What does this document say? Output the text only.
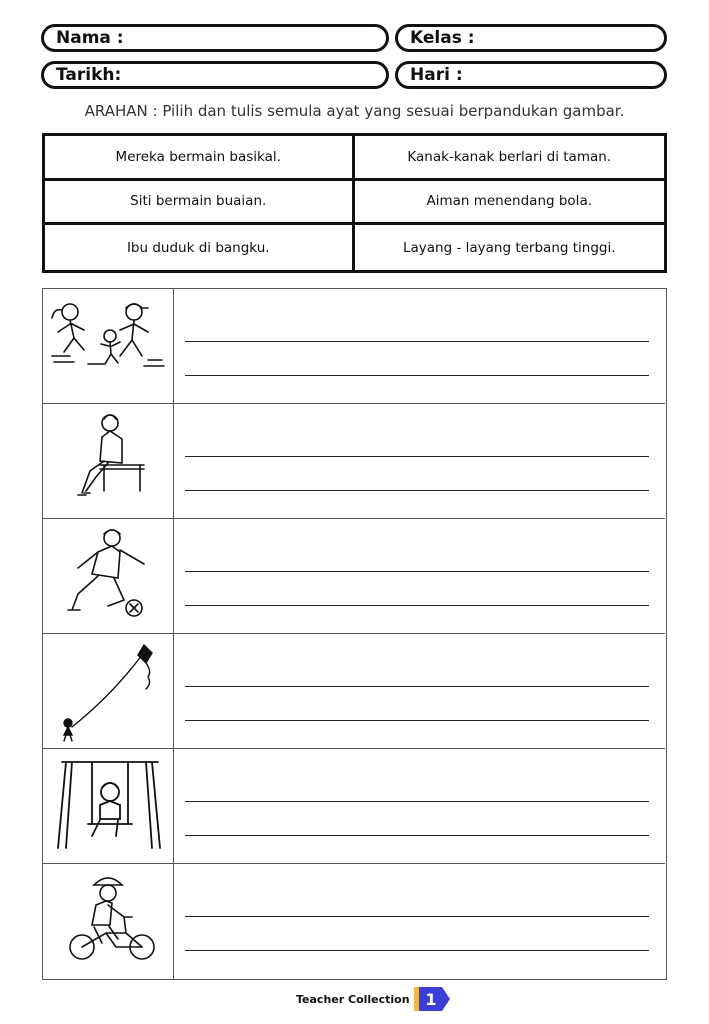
Nama :	Kelas :
Tarikh:	Hari :
ARAHAN : Pilih dan tulis semula ayat yang sesuai berpandukan gambar.
Mereka bermain basikal.	Kanak-kanak berlari di taman.
Siti bermain buaian.	Aiman menendang bola.
Ibu duduk di bangku.	Layang - layang terbang tinggi.
Teacher Collection 1
